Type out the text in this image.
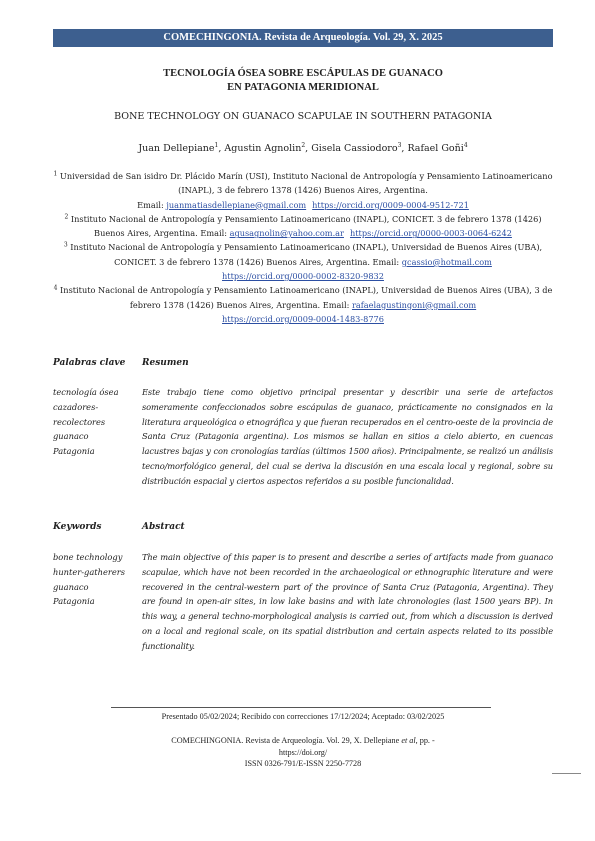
COMECHINGONIA. Revista de Arqueología. Vol. 29, X. 2025
TECNOLOGÍA ÓSEA SOBRE ESCÁPULAS DE GUANACO
EN PATAGONIA MERIDIONAL
BONE TECHNOLOGY ON GUANACO SCAPULAE IN SOUTHERN PATAGONIA
Juan Dellepiane$^1$, Agustin Agnolin$^2$, Gisela Cassiodoro$^3$, Rafael Goñi$^4$

$^1$ Universidad de San isidro Dr. Plácido Marín (USI), Instituto Nacional de Antropología y Pensamiento Latinoamericano (INAPL), 3 de febrero 1378 (1426) Buenos Aires, Argentina.
Email: juanmatiasdellepiane@gmail.com https://orcid.org/0009-0004-9512-721

$^2$ Instituto Nacional de Antropología y Pensamiento Latinoamericano (INAPL), CONICET. 3 de febrero 1378 (1426) Buenos Aires, Argentina. Email: agusagnolin@yahoo.com.ar https://orcid.org/0000-0003-0064-6242

$^3$ Instituto Nacional de Antropología y Pensamiento Latinoamericano (INAPL), Universidad de Buenos Aires (UBA), CONICET. 3 de febrero 1378 (1426) Buenos Aires, Argentina. Email: gcassio@hotmail.com
https://orcid.org/0000-0002-8320-9832

$^4$ Instituto Nacional de Antropología y Pensamiento Latinoamericano (INAPL), Universidad de Buenos Aires (UBA), 3 de febrero 1378 (1426) Buenos Aires, Argentina. Email: rafaelagustingoni@gmail.com
https://orcid.org/0009-0004-1483-8776

Palabras clave Resumen
tecnología ósea
cazadores-
recolectores
guanaco
Patagonia
Este trabajo tiene como objetivo principal presentar y describir una serie de artefactos someramente confeccionados sobre escápulas de guanaco, prácticamente no consignados en la literatura arqueológica o etnográfica y que fueran recuperados en el centro-oeste de la provincia de Santa Cruz (Patagonia argentina). Los mismos se hallan en sitios a cielo abierto, en cuencas lacustres bajas y con cronologías tardías (últimos 1500 años). Principalmente, se realizó un análisis tecno/morfológico general, del cual se deriva la discusión en una escala local y regional, sobre su distribución espacial y ciertos aspectos referidos a su posible funcionalidad.
Keywords	Abstract
bone technology
hunter-gatherers
guanaco
Patagonia
The main objective of this paper is to present and describe a series of artifacts made from guanaco scapulae, which have not been recorded in the archaeological or ethnographic literature and were recovered in the central-western part of the province of Santa Cruz (Patagonia, Argentina). They are found in open-air sites, in low lake basins and with late chronologies (last 1500 years BP). In this way, a general techno-morphological analysis is carried out, from which a discussion is derived on a local and regional scale, on its spatial distribution and certain aspects related to its possible functionality.
Presentado 05/02/2024; Recibido con correcciones 17/12/2024; Aceptado: 03/02/2025
COMECHINGONIA. Revista de Arqueología. Vol. 29, X. Dellepiane et al, pp. -
https://doi.org/
ISSN 0326-791/E-ISSN 2250-7728
